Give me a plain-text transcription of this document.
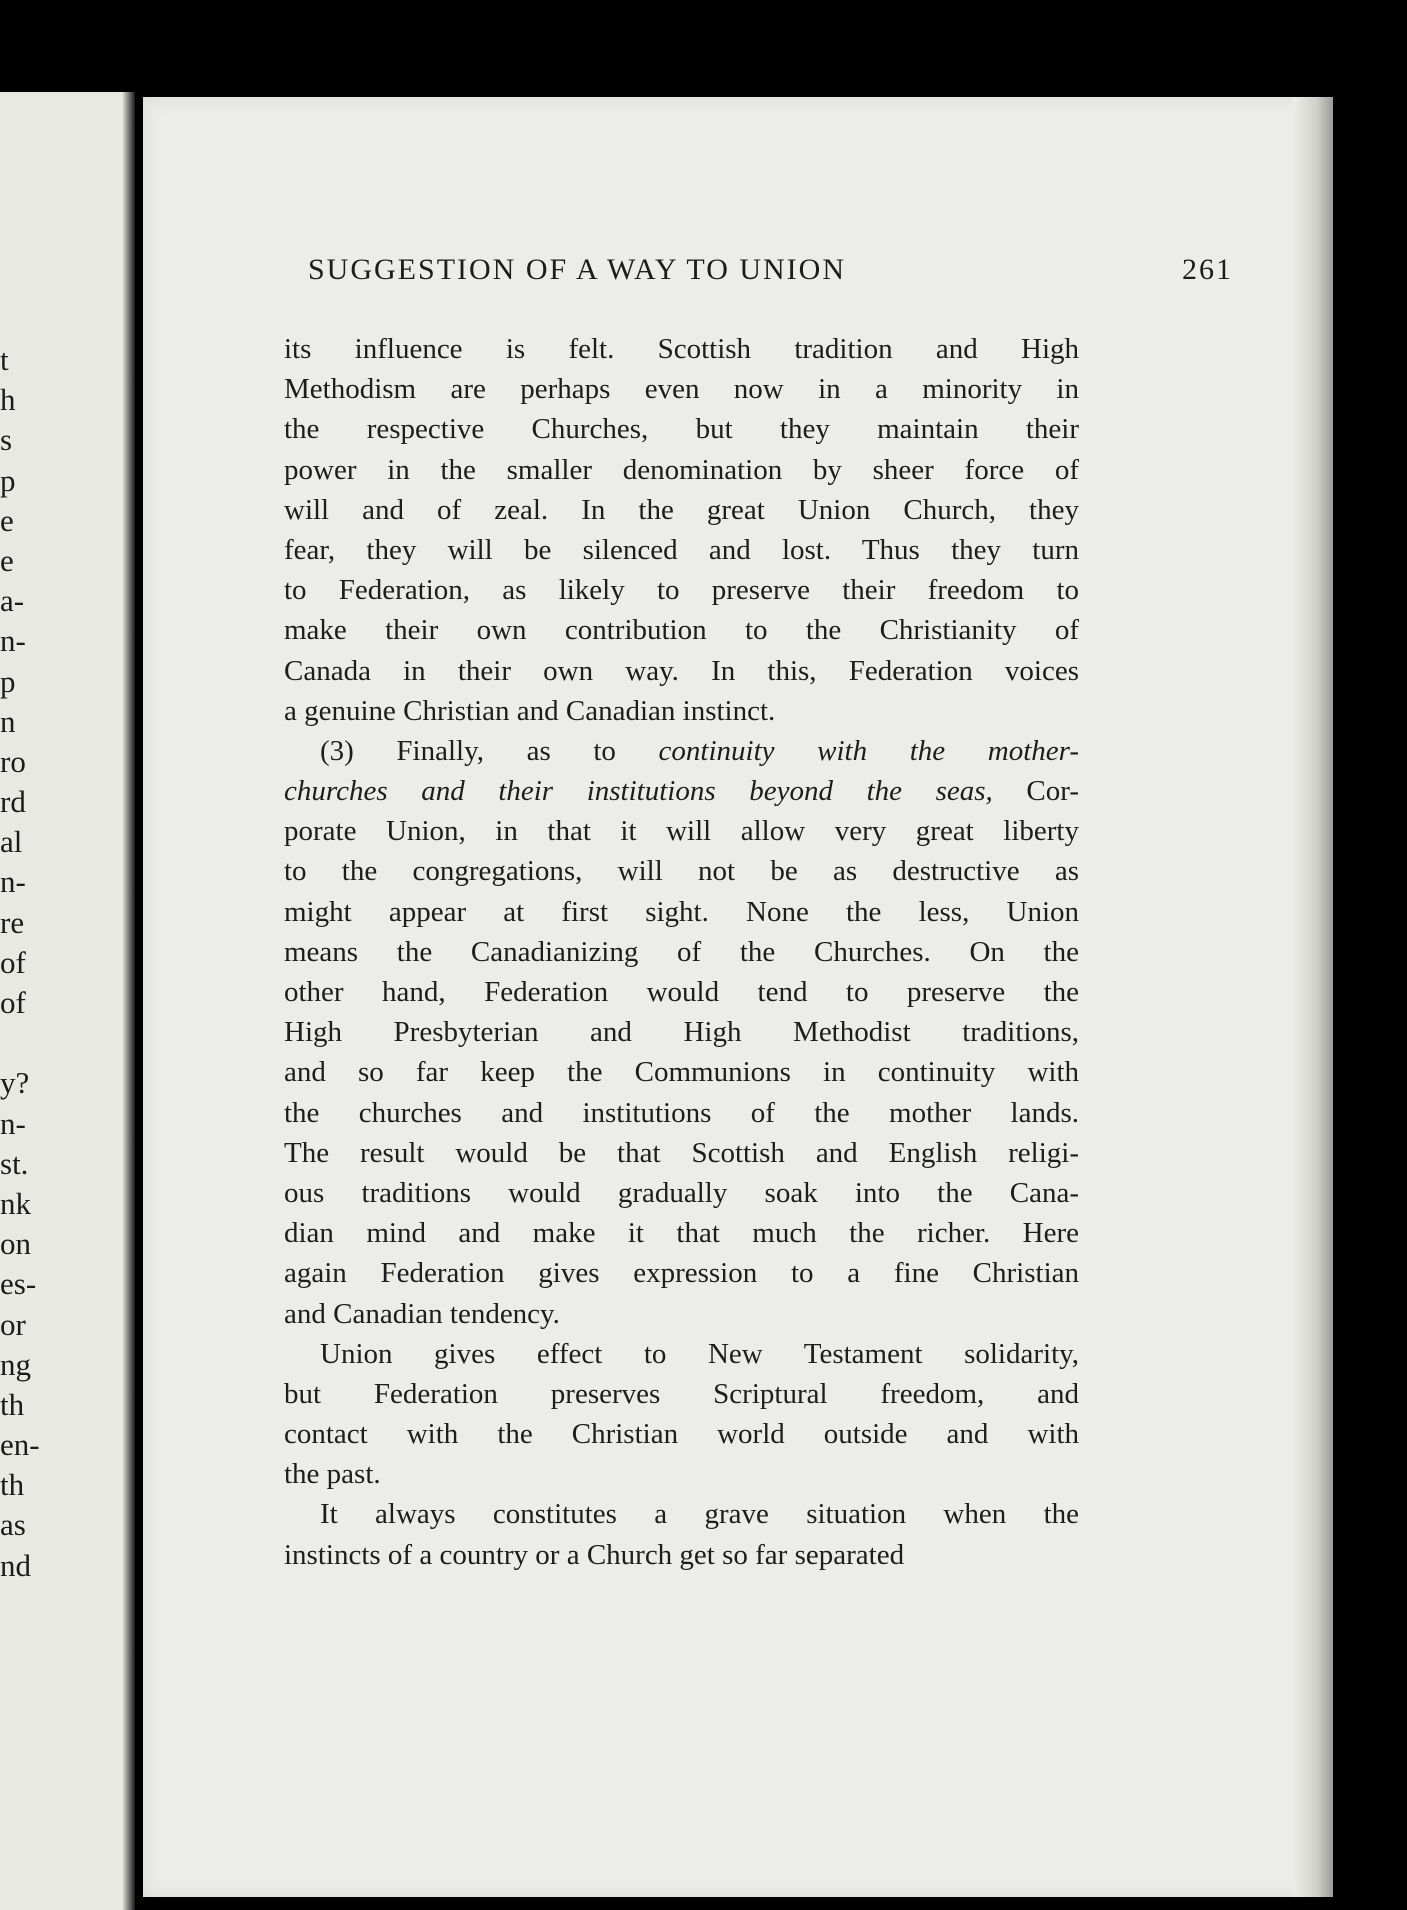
t
h
s
p
e
e
a-
n-
p
n
ro
rd
al
n-
re
of
of
y?
n-
st.
nk
on
es-
or
ng
th
en-
th
as
nd
SUGGESTION OF A WAY TO UNION	261
its influence is felt. Scottish tradition and High
Methodism are perhaps even now in a minority in
the respective Churches, but they maintain their
power in the smaller denomination by sheer force of
will and of zeal. In the great Union Church, they
fear, they will be silenced and lost. Thus they turn
to Federation, as likely to preserve their freedom to
make their own contribution to the Christianity of
Canada in their own way. In this, Federation voices
a genuine Christian and Canadian instinct.
(3) Finally, as to continuity with the mother-
churches and their institutions beyond the seas, Cor-
porate Union, in that it will allow very great liberty
to the congregations, will not be as destructive as
might appear at first sight. None the less, Union
means the Canadianizing of the Churches. On the
other hand, Federation would tend to preserve the
High Presbyterian and High Methodist traditions,
and so far keep the Communions in continuity with
the churches and institutions of the mother lands.
The result would be that Scottish and English religi-
ous traditions would gradually soak into the Cana-
dian mind and make it that much the richer. Here
again Federation gives expression to a fine Christian
and Canadian tendency.
Union gives effect to New Testament solidarity,
but Federation preserves Scriptural freedom, and
contact with the Christian world outside and with
the past.
It always constitutes a grave situation when the
instincts of a country or a Church get so far separated
